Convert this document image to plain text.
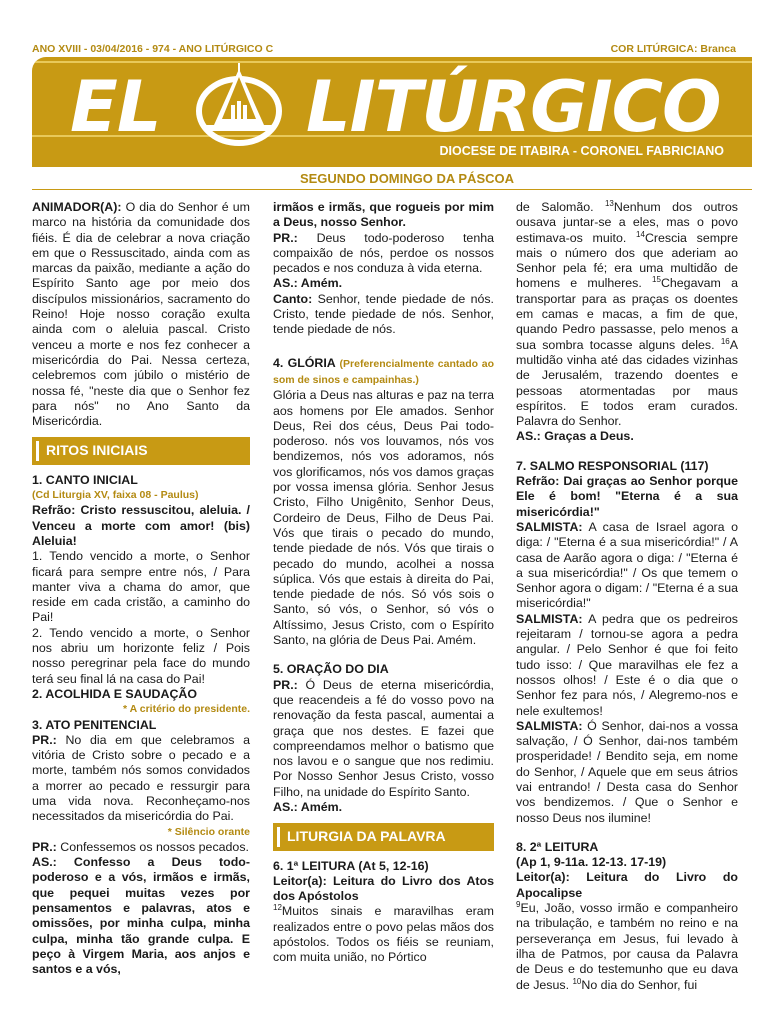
ANO XVIII - 03/04/2016 - 974 - ANO LITÚRGICO C	COR LITÚRGICA: Branca
EL LITÚRGICO
DIOCESE DE ITABIRA - CORONEL FABRICIANO
SEGUNDO DOMINGO DA PÁSCOA

ANIMADOR(A): O dia do Senhor é um marco na história da comunidade dos fiéis. É dia de celebrar a nova criação em que o Ressuscitado, ainda com as marcas da paixão, mediante a ação do Espírito Santo age por meio dos discípulos missionários, sacramento do Reino! Hoje nosso coração exulta ainda com o aleluia pascal. Cristo venceu a morte e nos fez conhecer a misericórdia do Pai. Nessa certeza, celebremos com júbilo o mistério de nossa fé, "neste dia que o Senhor fez para nós" no Ano Santo da Misericórdia.

RITOS INICIAIS

1. CANTO INICIAL

(Cd Liturgia XV, faixa 08 - Paulus)

Refrão: Cristo ressuscitou, aleluia. / Venceu a morte com amor! (bis) Aleluia!

1. Tendo vencido a morte, o Senhor ficará para sempre entre nós, / Para manter viva a chama do amor, que reside em cada cristão, a caminho do Pai!

2. Tendo vencido a morte, o Senhor nos abriu um horizonte feliz / Pois nosso peregrinar pela face do mundo terá seu final lá na casa do Pai!

2. ACOLHIDA E SAUDAÇÃO

* A critério do presidente.

3. ATO PENITENCIAL

PR.: No dia em que celebramos a vitória de Cristo sobre o pecado e a morte, também nós somos convidados a morrer ao pecado e ressurgir para uma vida nova. Reconheçamo-nos necessitados da misericórdia do Pai.

* Silêncio orante

PR.: Confessemos os nossos pecados.

AS.: Confesso a Deus todo-poderoso e a vós, irmãos e irmãs, que pequei muitas vezes por pensamentos e palavras, atos e omissões, por minha culpa, minha culpa, minha tão grande culpa. E peço à Virgem Maria, aos anjos e santos e a vós,

irmãos e irmãs, que rogueis por mim a Deus, nosso Senhor.

PR.: Deus todo-poderoso tenha compaixão de nós, perdoe os nossos pecados e nos conduza à vida eterna.

AS.: Amém.

Canto: Senhor, tende piedade de nós. Cristo, tende piedade de nós. Senhor, tende piedade de nós.

4. GLÓRIA (Preferencialmente cantado ao som de sinos e campainhas.)

Glória a Deus nas alturas e paz na terra aos homens por Ele amados. Senhor Deus, Rei dos céus, Deus Pai todo-poderoso. nós vos louvamos, nós vos bendizemos, nós vos adoramos, nós vos glorificamos, nós vos damos graças por vossa imensa glória. Senhor Jesus Cristo, Filho Unigênito, Senhor Deus, Cordeiro de Deus, Filho de Deus Pai. Vós que tirais o pecado do mundo, tende piedade de nós. Vós que tirais o pecado do mundo, acolhei a nossa súplica. Vós que estais à direita do Pai, tende piedade de nós. Só vós sois o Santo, só vós, o Senhor, só vós o Altíssimo, Jesus Cristo, com o Espírito Santo, na glória de Deus Pai. Amém.

5. ORAÇÃO DO DIA

PR.: Ó Deus de eterna misericórdia, que reacendeis a fé do vosso povo na renovação da festa pascal, aumentai a graça que nos destes. E fazei que compreendamos melhor o batismo que nos lavou e o sangue que nos redimiu. Por Nosso Senhor Jesus Cristo, vosso Filho, na unidade do Espírito Santo.

AS.: Amém.

LITURGIA DA PALAVRA

6. 1ª LEITURA (At 5, 12-16)

Leitor(a): Leitura do Livro dos Atos dos Apóstolos

$^{12}$Muitos sinais e maravilhas eram realizados entre o povo pelas mãos dos apóstolos. Todos os fiéis se reuniam, com muita união, no Pórtico

de Salomão. $^{13}$Nenhum dos outros ousava juntar-se a eles, mas o povo estimava-os muito. $^{14}$Crescia sempre mais o número dos que aderiam ao Senhor pela fé; era uma multidão de homens e mulheres. $^{15}$Chegavam a transportar para as praças os doentes em camas e macas, a fim de que, quando Pedro passasse, pelo menos a sua sombra tocasse alguns deles. $^{16}$A multidão vinha até das cidades vizinhas de Jerusalém, trazendo doentes e pessoas atormentadas por maus espíritos. E todos eram curados. Palavra do Senhor.

AS.: Graças a Deus.

7. SALMO RESPONSORIAL (117)

Refrão: Dai graças ao Senhor porque Ele é bom! "Eterna é a sua misericórdia!"

SALMISTA: A casa de Israel agora o diga: / "Eterna é a sua misericórdia!" / A casa de Aarão agora o diga: / "Eterna é a sua misericórdia!" / Os que temem o Senhor agora o digam: / "Eterna é a sua misericórdia!"

SALMISTA: A pedra que os pedreiros rejeitaram / tornou-se agora a pedra angular. / Pelo Senhor é que foi feito tudo isso: / Que maravilhas ele fez a nossos olhos! / Este é o dia que o Senhor fez para nós, / Alegremo-nos e nele exultemos!

SALMISTA: Ó Senhor, dai-nos a vossa salvação, / Ó Senhor, dai-nos também prosperidade! / Bendito seja, em nome do Senhor, / Aquele que em seus átrios vai entrando! / Desta casa do Senhor vos bendizemos. / Que o Senhor e nosso Deus nos ilumine!

8. 2ª LEITURA

(Ap 1, 9-11a. 12-13. 17-19)

Leitor(a): Leitura do Livro do Apocalipse

$^9$Eu, João, vosso irmão e companheiro na tribulação, e também no reino e na perseverança em Jesus, fui levado à ilha de Patmos, por causa da Palavra de Deus e do testemunho que eu dava de Jesus. $^{10}$No dia do Senhor, fui
